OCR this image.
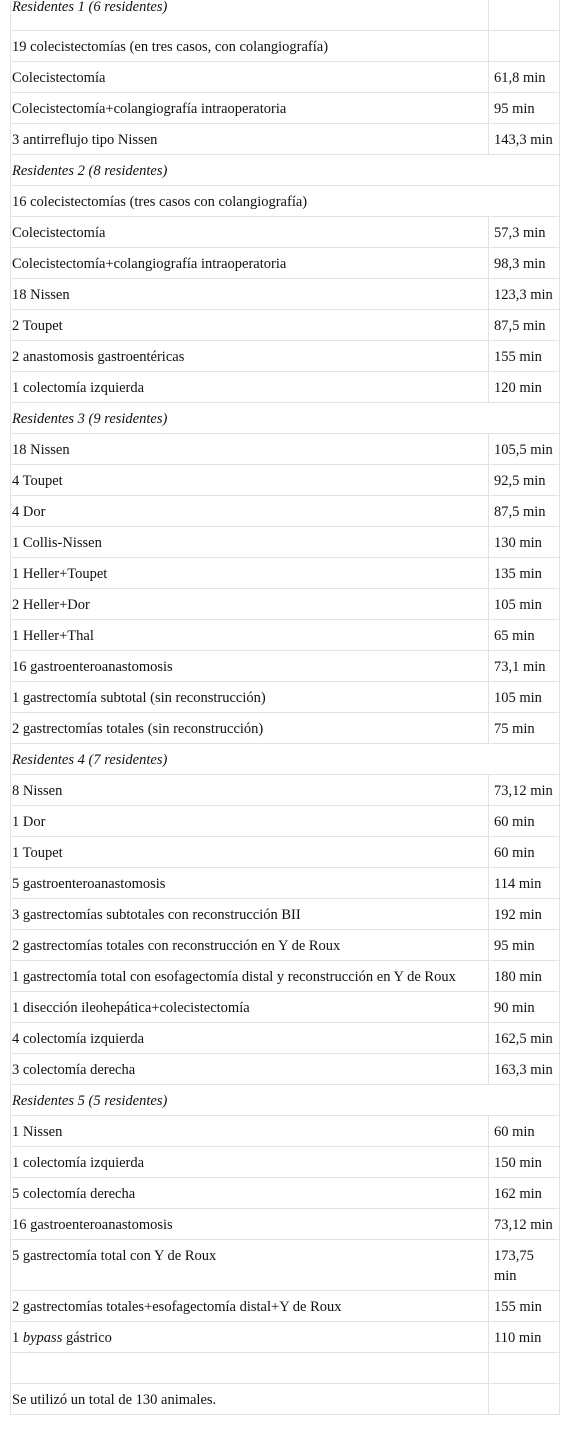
Residentes 1 (6 residentes)	

19 colecistectomías (en tres casos, con colangiografía)	

Colecistectomía	61,8 min

Colecistectomía+colangiografía intraoperatoria	95 min

3 antirreflujo tipo Nissen	143,3 min

Residentes 2 (8 residentes)	

16 colecistectomías (tres casos con colangiografía)	

Colecistectomía	57,3 min

Colecistectomía+colangiografía intraoperatoria	98,3 min

18 Nissen	123,3 min

2 Toupet	87,5 min

2 anastomosis gastroentéricas	155 min

1 colectomía izquierda	120 min

Residentes 3 (9 residentes)	

18 Nissen	105,5 min

4 Toupet	92,5 min

4 Dor	87,5 min

1 Collis-Nissen	130 min

1 Heller+Toupet	135 min

2 Heller+Dor	105 min

1 Heller+Thal	65 min

16 gastroenteroanastomosis	73,1 min

1 gastrectomía subtotal (sin reconstrucción)	105 min

2 gastrectomías totales (sin reconstrucción)	75 min

Residentes 4 (7 residentes)	

8 Nissen	73,12 min

1 Dor	60 min

1 Toupet	60 min

5 gastroenteroanastomosis	114 min

3 gastrectomías subtotales con reconstrucción BII	192 min

2 gastrectomías totales con reconstrucción en Y de Roux	95 min

1 gastrectomía total con esofagectomía distal y reconstrucción en Y de Roux	180 min

1 disección ileohepática+colecistectomía	90 min

4 colectomía izquierda	162,5 min

3 colectomía derecha	163,3 min

Residentes 5 (5 residentes)	

1 Nissen	60 min

1 colectomía izquierda	150 min

5 colectomía derecha	162 min

16 gastroenteroanastomosis	73,12 min

5 gastrectomía total con Y de Roux	173,75 min

2 gastrectomías totales+esofagectomía distal+Y de Roux	155 min

1 bypass gástrico	110 min

Se utilizó un total de 130 animales.	
